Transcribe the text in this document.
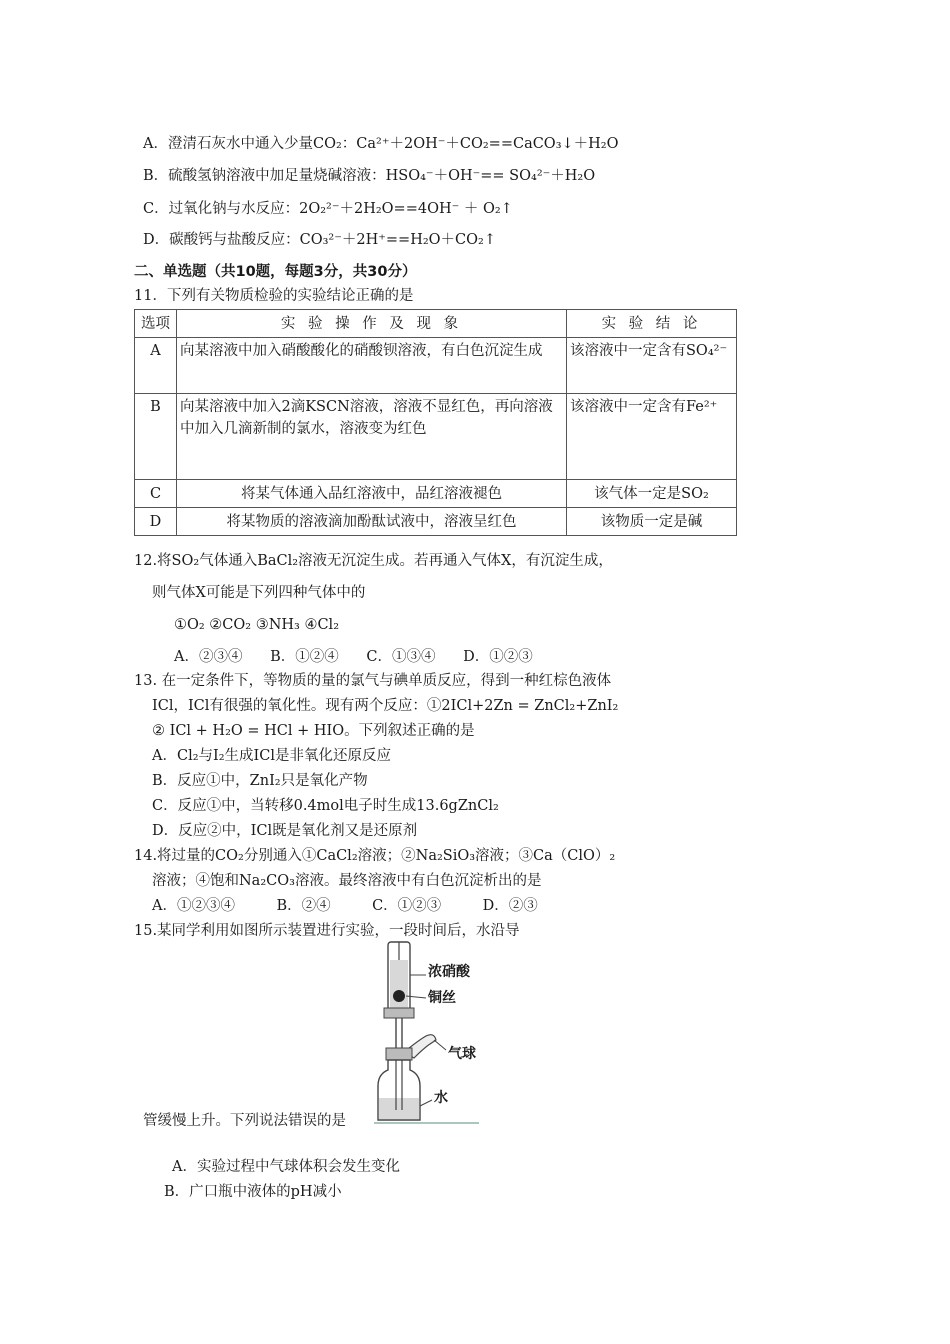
A．澄清石灰水中通入少量CO₂：Ca²⁺＋2OH⁻＋CO₂==CaCO₃↓＋H₂O
B．硫酸氢钠溶液中加足量烧碱溶液：HSO₄⁻＋OH⁻== SO₄²⁻＋H₂O
C．过氧化钠与水反应：2O₂²⁻＋2H₂O==4OH⁻ ＋ O₂↑
D．碳酸钙与盐酸反应：CO₃²⁻＋2H⁺==H₂O＋CO₂↑
二、单选题（共10题，每题3分，共30分）
11．下列有关物质检验的实验结论正确的是
选项	实 验 操 作 及 现 象	实 验 结 论
A	向某溶液中加入硝酸酸化的硝酸钡溶液，有白色沉淀生成	该溶液中一定含有SO₄²⁻
B	向某溶液中加入2滴KSCN溶液，溶液不显红色，再向溶液中加入几滴新制的氯水，溶液变为红色	该溶液中一定含有Fe²⁺
C	将某气体通入品红溶液中，品红溶液褪色	该气体一定是SO₂
D	将某物质的溶液滴加酚酞试液中，溶液呈红色	该物质一定是碱
12.将SO₂气体通入BaCl₂溶液无沉淀生成。若再通入气体X，有沉淀生成，
则气体X可能是下列四种气体中的
①O₂ ②CO₂ ③NH₃ ④Cl₂
A．②③④      B．①②④      C．①③④      D．①②③
13. 在一定条件下，等物质的量的氯气与碘单质反应，得到一种红棕色液体
ICl，ICl有很强的氧化性。现有两个反应：①2ICl+2Zn = ZnCl₂+ZnI₂
② ICl + H₂O = HCl + HIO。下列叙述正确的是
A．Cl₂与I₂生成ICl是非氧化还原反应
B．反应①中，ZnI₂只是氧化产物
C．反应①中，当转移0.4mol电子时生成13.6gZnCl₂
D．反应②中，ICl既是氧化剂又是还原剂
14.将过量的CO₂分别通入①CaCl₂溶液；②Na₂SiO₃溶液；③Ca（ClO）₂
溶液；④饱和Na₂CO₃溶液。最终溶液中有白色沉淀析出的是
A．①②③④         B．②④         C．①②③         D．②③
15.某同学利用如图所示装置进行实验，一段时间后，水沿导
管缓慢上升。下列说法错误的是
浓硝酸
铜丝
气球
水
A．实验过程中气球体积会发生变化
B．广口瓶中液体的pH减小
